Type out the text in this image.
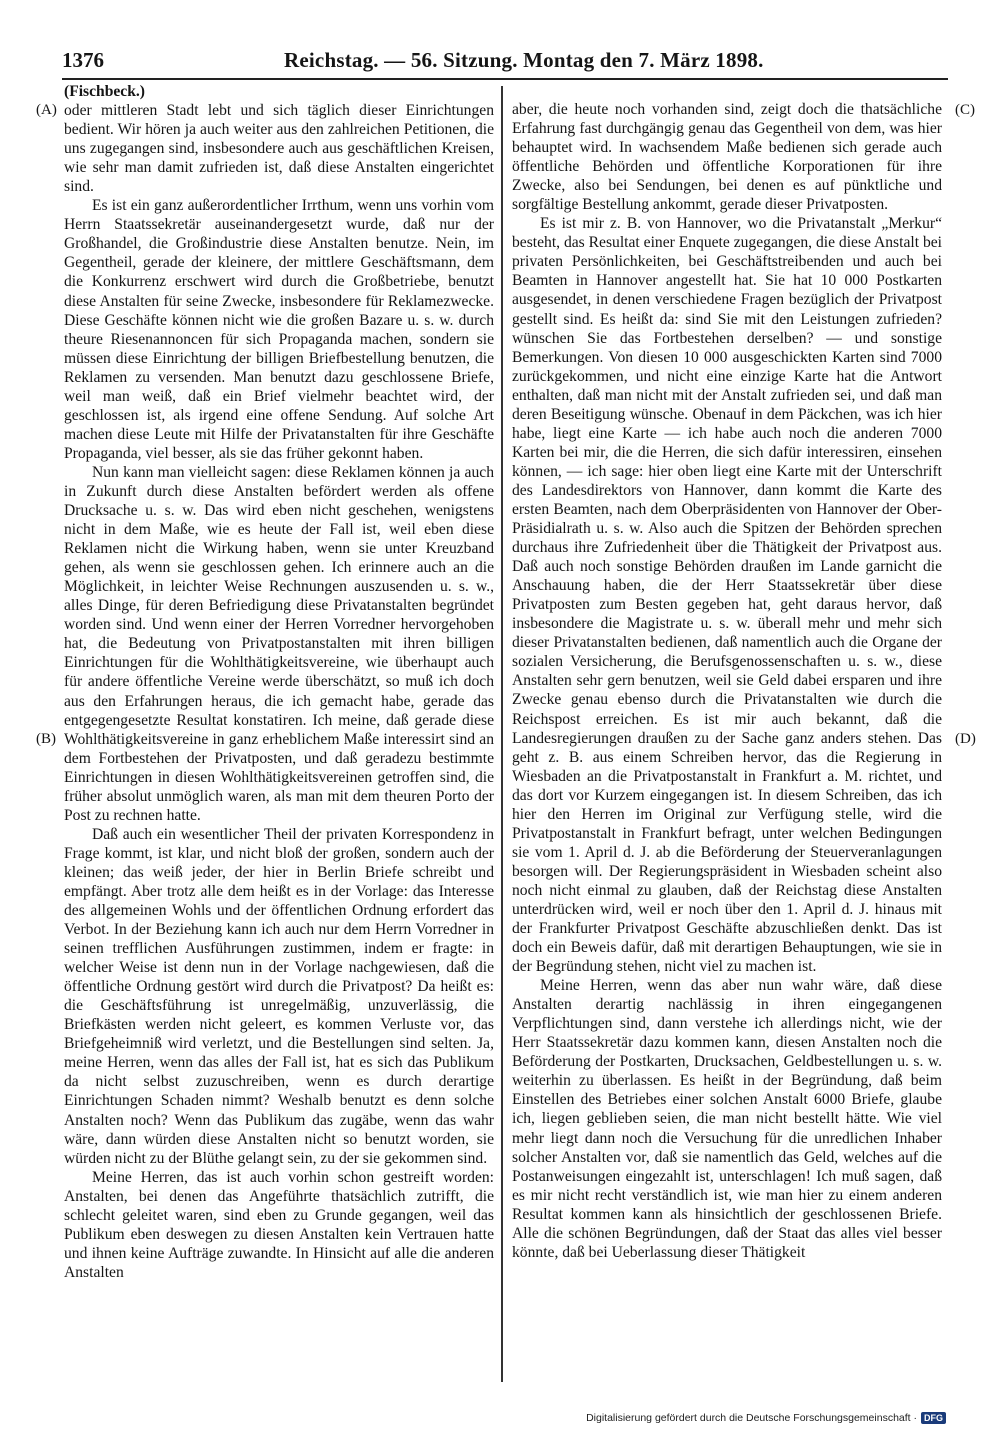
1376	Reichstag. — 56. Sitzung. Montag den 7. März 1898.
(A)
(B)
(C)
(D)
(Fischbeck.)

oder mittleren Stadt lebt und sich täglich dieser Einrichtungen bedient. Wir hören ja auch weiter aus den zahlreichen Petitionen, die uns zugegangen sind, insbesondere auch aus geschäftlichen Kreisen, wie sehr man damit zufrieden ist, daß diese Anstalten eingerichtet sind.

Es ist ein ganz außerordentlicher Irrthum, wenn uns vorhin vom Herrn Staatssekretär auseinandergesetzt wurde, daß nur der Großhandel, die Großindustrie diese Anstalten benutze. Nein, im Gegentheil, gerade der kleinere, der mittlere Geschäftsmann, dem die Konkurrenz erschwert wird durch die Großbetriebe, benutzt diese Anstalten für seine Zwecke, insbesondere für Reklamezwecke. Diese Geschäfte können nicht wie die großen Bazare u. s. w. durch theure Riesenannoncen für sich Propaganda machen, sondern sie müssen diese Einrichtung der billigen Briefbestellung benutzen, die Reklamen zu versenden. Man benutzt dazu geschlossene Briefe, weil man weiß, daß ein Brief vielmehr beachtet wird, der geschlossen ist, als irgend eine offene Sendung. Auf solche Art machen diese Leute mit Hilfe der Privatanstalten für ihre Geschäfte Propaganda, viel besser, als sie das früher gekonnt haben.

Nun kann man vielleicht sagen: diese Reklamen können ja auch in Zukunft durch diese Anstalten befördert werden als offene Drucksache u. s. w. Das wird eben nicht geschehen, wenigstens nicht in dem Maße, wie es heute der Fall ist, weil eben diese Reklamen nicht die Wirkung haben, wenn sie unter Kreuzband gehen, als wenn sie geschlossen gehen. Ich erinnere auch an die Möglichkeit, in leichter Weise Rechnungen auszusenden u. s. w., alles Dinge, für deren Befriedigung diese Privatanstalten begründet worden sind. Und wenn einer der Herren Vorredner hervorgehoben hat, die Bedeutung von Privatpostanstalten mit ihren billigen Einrichtungen für die Wohlthätigkeitsvereine, wie überhaupt auch für andere öffentliche Vereine werde überschätzt, so muß ich doch aus den Erfahrungen heraus, die ich gemacht habe, gerade das entgegengesetzte Resultat konstatiren. Ich meine, daß gerade diese Wohlthätigkeitsvereine in ganz erheblichem Maße interessirt sind an dem Fortbestehen der Privatposten, und daß geradezu bestimmte Einrichtungen in diesen Wohlthätigkeitsvereinen getroffen sind, die früher absolut unmöglich waren, als man mit dem theuren Porto der Post zu rechnen hatte.

Daß auch ein wesentlicher Theil der privaten Korrespondenz in Frage kommt, ist klar, und nicht bloß der großen, sondern auch der kleinen; das weiß jeder, der hier in Berlin Briefe schreibt und empfängt. Aber trotz alle dem heißt es in der Vorlage: das Interesse des allgemeinen Wohls und der öffentlichen Ordnung erfordert das Verbot. In der Beziehung kann ich auch nur dem Herrn Vorredner in seinen trefflichen Ausführungen zustimmen, indem er fragte: in welcher Weise ist denn nun in der Vorlage nachgewiesen, daß die öffentliche Ordnung gestört wird durch die Privatpost? Da heißt es: die Geschäftsführung ist unregelmäßig, unzuverlässig, die Briefkästen werden nicht geleert, es kommen Verluste vor, das Briefgeheimniß wird verletzt, und die Bestellungen sind selten. Ja, meine Herren, wenn das alles der Fall ist, hat es sich das Publikum da nicht selbst zuzuschreiben, wenn es durch derartige Einrichtungen Schaden nimmt? Weshalb benutzt es denn solche Anstalten noch? Wenn das Publikum das zugäbe, wenn das wahr wäre, dann würden diese Anstalten nicht so benutzt worden, sie würden nicht zu der Blüthe gelangt sein, zu der sie gekommen sind.

Meine Herren, das ist auch vorhin schon gestreift worden: Anstalten, bei denen das Angeführte thatsächlich zutrifft, die schlecht geleitet waren, sind eben zu Grunde gegangen, weil das Publikum eben deswegen zu diesen Anstalten kein Vertrauen hatte und ihnen keine Aufträge zuwandte. In Hinsicht auf alle die anderen Anstalten

aber, die heute noch vorhanden sind, zeigt doch die thatsächliche Erfahrung fast durchgängig genau das Gegentheil von dem, was hier behauptet wird. In wachsendem Maße bedienen sich gerade auch öffentliche Behörden und öffentliche Korporationen für ihre Zwecke, also bei Sendungen, bei denen es auf pünktliche und sorgfältige Bestellung ankommt, gerade dieser Privatposten.

Es ist mir z. B. von Hannover, wo die Privatanstalt „Merkur“ besteht, das Resultat einer Enquete zugegangen, die diese Anstalt bei privaten Persönlichkeiten, bei Geschäftstreibenden und auch bei Beamten in Hannover angestellt hat. Sie hat 10 000 Postkarten ausgesendet, in denen verschiedene Fragen bezüglich der Privatpost gestellt sind. Es heißt da: sind Sie mit den Leistungen zufrieden? wünschen Sie das Fortbestehen derselben? — und sonstige Bemerkungen. Von diesen 10 000 ausgeschickten Karten sind 7000 zurückgekommen, und nicht eine einzige Karte hat die Antwort enthalten, daß man nicht mit der Anstalt zufrieden sei, und daß man deren Beseitigung wünsche. Obenauf in dem Päckchen, was ich hier habe, liegt eine Karte — ich habe auch noch die anderen 7000 Karten bei mir, die die Herren, die sich dafür interessiren, einsehen können, — ich sage: hier oben liegt eine Karte mit der Unterschrift des Landesdirektors von Hannover, dann kommt die Karte des ersten Beamten, nach dem Oberpräsidenten von Hannover der Ober-Präsidialrath u. s. w. Also auch die Spitzen der Behörden sprechen durchaus ihre Zufriedenheit über die Thätigkeit der Privatpost aus. Daß auch noch sonstige Behörden draußen im Lande garnicht die Anschauung haben, die der Herr Staatssekretär über diese Privatposten zum Besten gegeben hat, geht daraus hervor, daß insbesondere die Magistrate u. s. w. überall mehr und mehr sich dieser Privatanstalten bedienen, daß namentlich auch die Organe der sozialen Versicherung, die Berufsgenossenschaften u. s. w., diese Anstalten sehr gern benutzen, weil sie Geld dabei ersparen und ihre Zwecke genau ebenso durch die Privatanstalten wie durch die Reichspost erreichen. Es ist mir auch bekannt, daß die Landesregierungen draußen zu der Sache ganz anders stehen. Das geht z. B. aus einem Schreiben hervor, das die Regierung in Wiesbaden an die Privatpostanstalt in Frankfurt a. M. richtet, und das dort vor Kurzem eingegangen ist. In diesem Schreiben, das ich hier den Herren im Original zur Verfügung stelle, wird die Privatpostanstalt in Frankfurt befragt, unter welchen Bedingungen sie vom 1. April d. J. ab die Beförderung der Steuerveranlagungen besorgen will. Der Regierungspräsident in Wiesbaden scheint also noch nicht einmal zu glauben, daß der Reichstag diese Anstalten unterdrücken wird, weil er noch über den 1. April d. J. hinaus mit der Frankfurter Privatpost Geschäfte abzuschließen denkt. Das ist doch ein Beweis dafür, daß mit derartigen Behauptungen, wie sie in der Begründung stehen, nicht viel zu machen ist.

Meine Herren, wenn das aber nun wahr wäre, daß diese Anstalten derartig nachlässig in ihren eingegangenen Verpflichtungen sind, dann verstehe ich allerdings nicht, wie der Herr Staatssekretär dazu kommen kann, diesen Anstalten noch die Beförderung der Postkarten, Drucksachen, Geldbestellungen u. s. w. weiterhin zu überlassen. Es heißt in der Begründung, daß beim Einstellen des Betriebes einer solchen Anstalt 6000 Briefe, glaube ich, liegen geblieben seien, die man nicht bestellt hätte. Wie viel mehr liegt dann noch die Versuchung für die unredlichen Inhaber solcher Anstalten vor, daß sie namentlich das Geld, welches auf die Postanweisungen eingezahlt ist, unterschlagen! Ich muß sagen, daß es mir nicht recht verständlich ist, wie man hier zu einem anderen Resultat kommen kann als hinsichtlich der geschlossenen Briefe. Alle die schönen Begründungen, daß der Staat das alles viel besser könnte, daß bei Ueberlassung dieser Thätigkeit

Digitalisierung gefördert durch die Deutsche Forschungsgemeinschaft · DFG
